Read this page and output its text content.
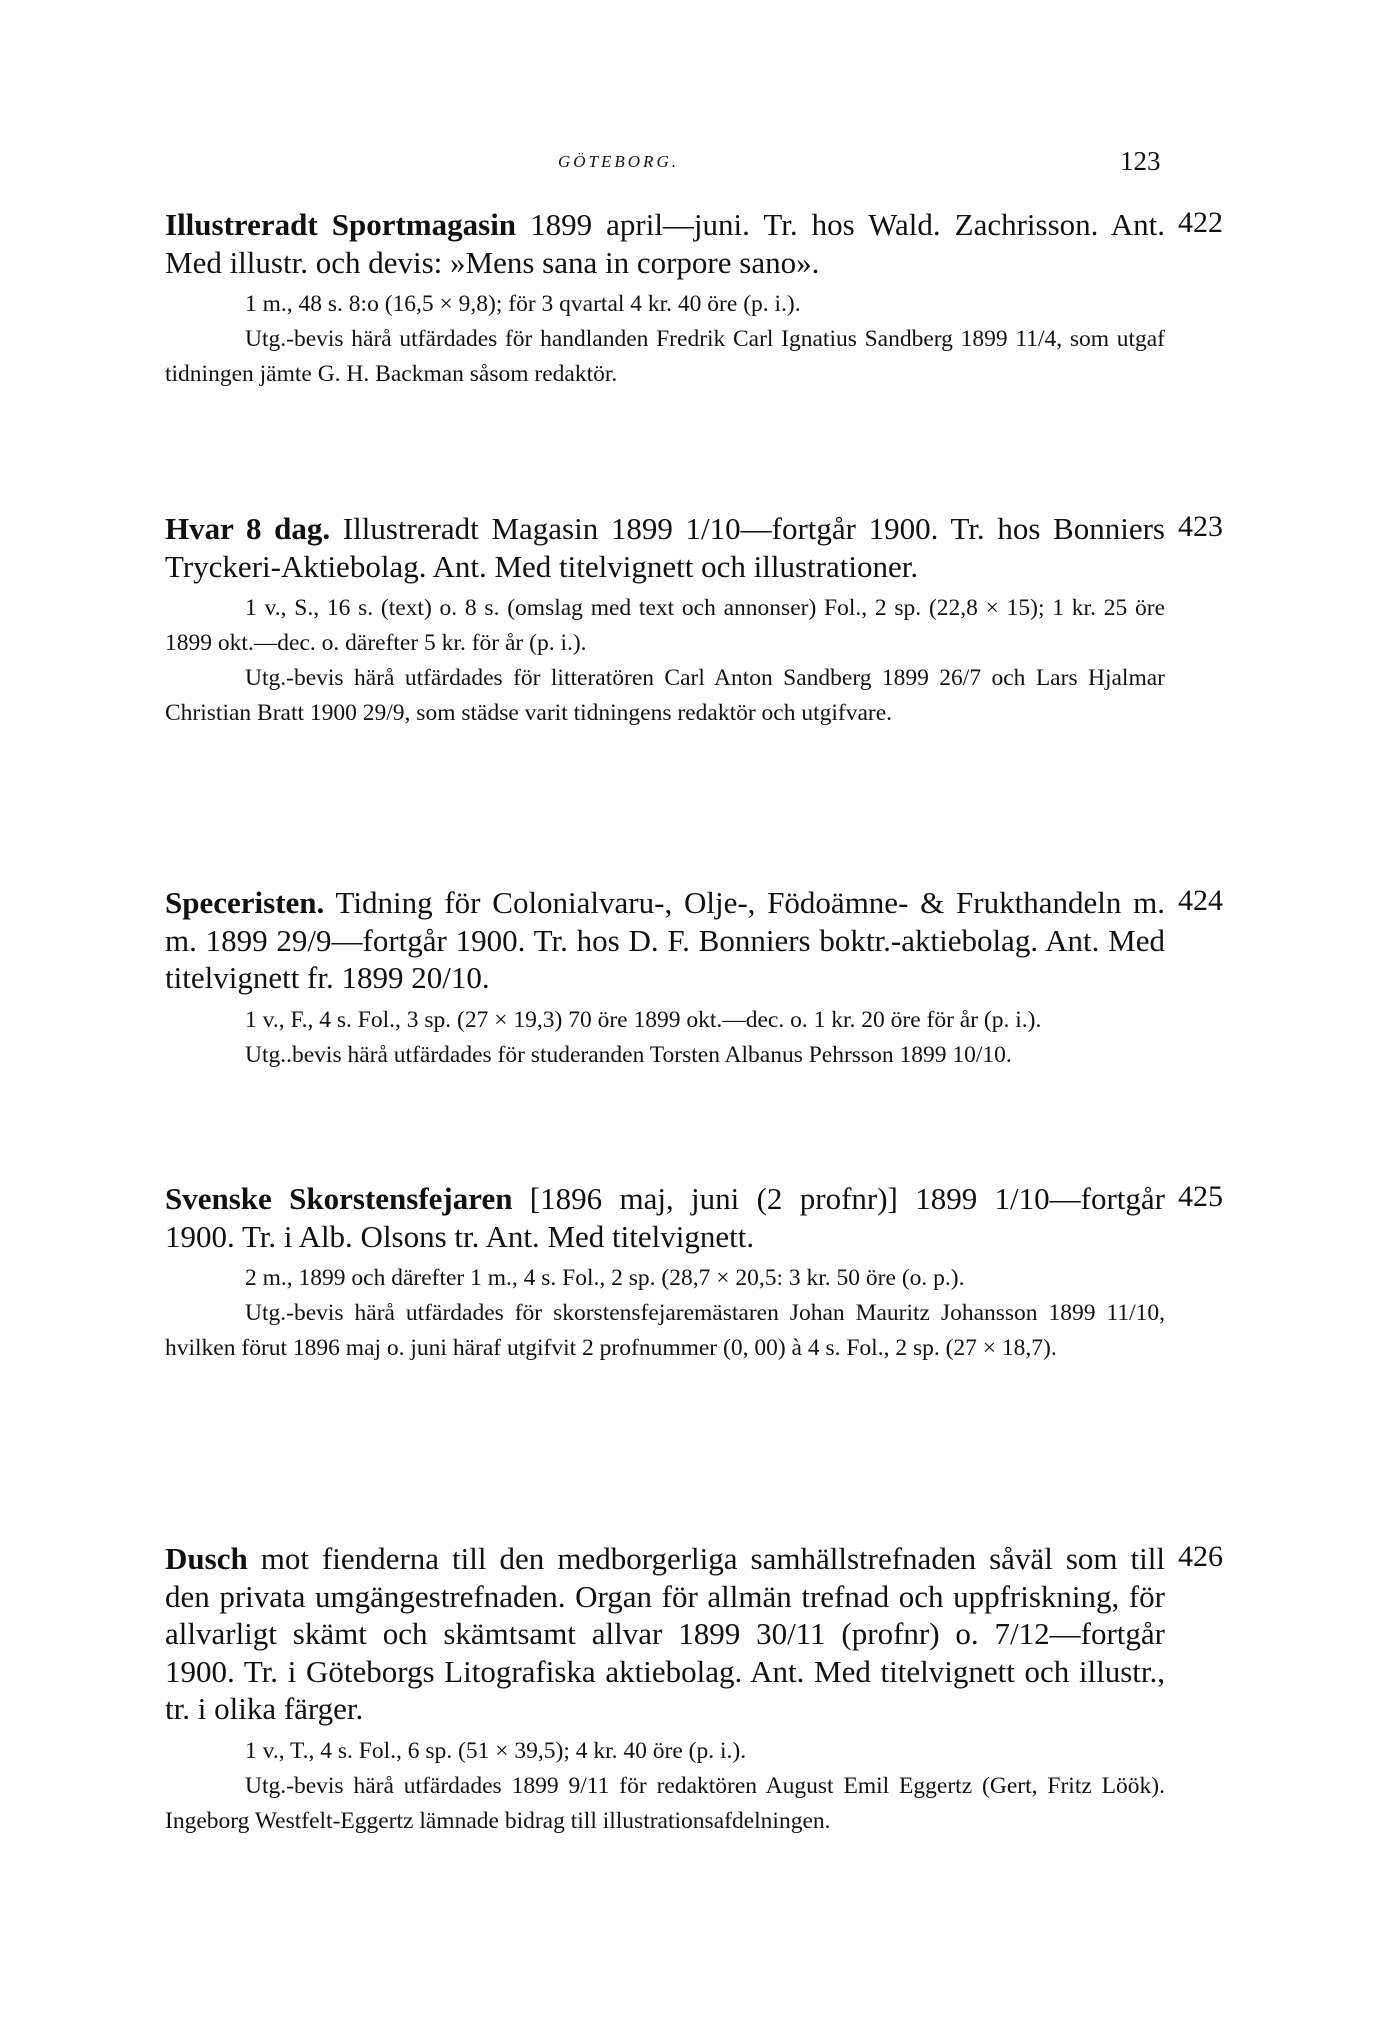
GÖTEBORG.	123

Illustreradt Sportmagasin 1899 april—juni. Tr. hos Wald. Zachrisson. Ant. Med illustr. och devis: »Mens sana in corpore sano».

1 m., 48 s. 8:o (16,5 × 9,8); för 3 qvartal 4 kr. 40 öre (p. i.).

Utg.-bevis härå utfärdades för handlanden Fredrik Carl Ignatius Sandberg 1899 11/4, som utgaf tidningen jämte G. H. Backman såsom redaktör.

422

Hvar 8 dag. Illustreradt Magasin 1899 1/10—fortgår 1900. Tr. hos Bonniers Tryckeri-Aktiebolag. Ant. Med titelvignett och illustrationer.

1 v., S., 16 s. (text) o. 8 s. (omslag med text och annonser) Fol., 2 sp. (22,8 × 15); 1 kr. 25 öre 1899 okt.—dec. o. därefter 5 kr. för år (p. i.).

Utg.-bevis härå utfärdades för litteratören Carl Anton Sandberg 1899 26/7 och Lars Hjalmar Christian Bratt 1900 29/9, som städse varit tidningens redaktör och utgifvare.

423

Speceristen. Tidning för Colonialvaru-, Olje-, Födoämne- & Frukthandeln m. m. 1899 29/9—fortgår 1900. Tr. hos D. F. Bonniers boktr.-aktiebolag. Ant. Med titelvignett fr. 1899 20/10.

1 v., F., 4 s. Fol., 3 sp. (27 × 19,3) 70 öre 1899 okt.—dec. o. 1 kr. 20 öre för år (p. i.).

Utg..bevis härå utfärdades för studeranden Torsten Albanus Pehrsson 1899 10/10.

424

Svenske Skorstensfejaren [1896 maj, juni (2 profnr)] 1899 1/10—fortgår 1900. Tr. i Alb. Olsons tr. Ant. Med titelvignett.

2 m., 1899 och därefter 1 m., 4 s. Fol., 2 sp. (28,7 × 20,5: 3 kr. 50 öre (o. p.).

Utg.-bevis härå utfärdades för skorstensfejaremästaren Johan Mauritz Johansson 1899 11/10, hvilken förut 1896 maj o. juni häraf utgifvit 2 profnummer (0, 00) à 4 s. Fol., 2 sp. (27 × 18,7).

425

Dusch mot fienderna till den medborgerliga samhällstrefnaden såväl som till den privata umgängestrefnaden. Organ för allmän trefnad och uppfriskning, för allvarligt skämt och skämtsamt allvar 1899 30/11 (profnr) o. 7/12—fortgår 1900. Tr. i Göteborgs Litografiska aktiebolag. Ant. Med titelvignett och illustr., tr. i olika färger.

1 v., T., 4 s. Fol., 6 sp. (51 × 39,5); 4 kr. 40 öre (p. i.).

Utg.-bevis härå utfärdades 1899 9/11 för redaktören August Emil Eggertz (Gert, Fritz Löök). Ingeborg Westfelt-Eggertz lämnade bidrag till illustrationsafdelningen.

426
